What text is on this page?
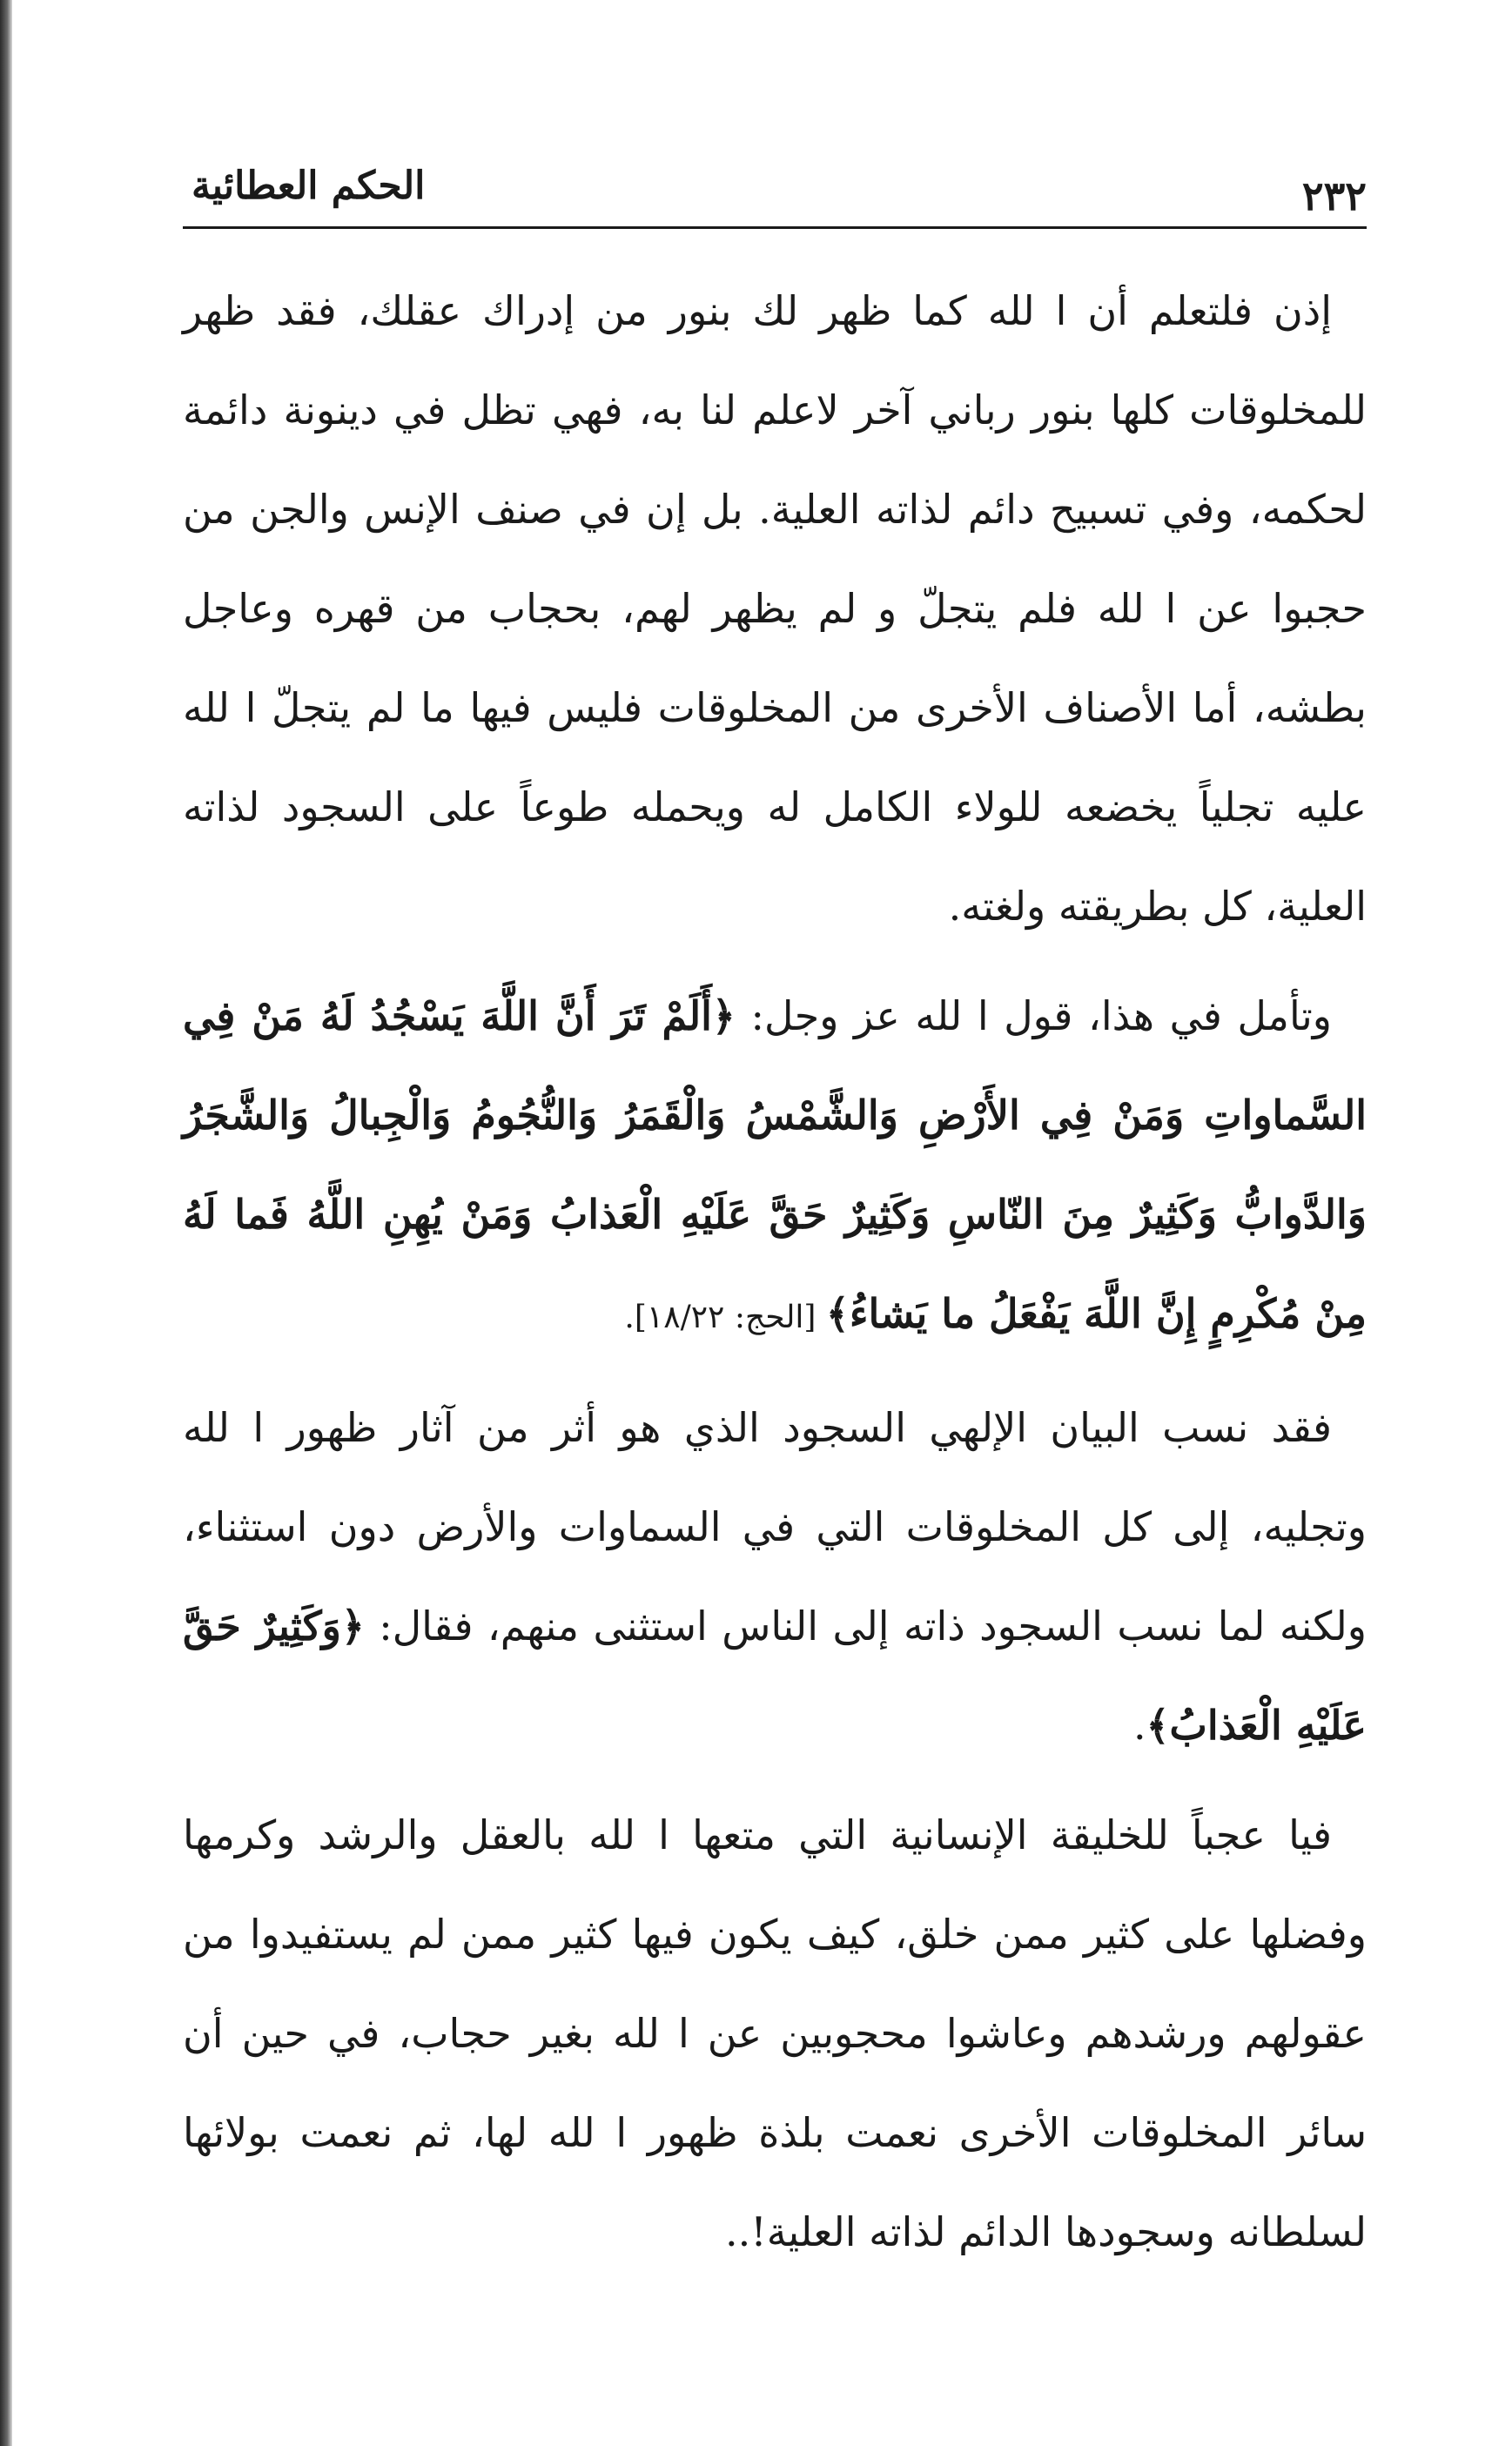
٢٣٢
الحكم العطائية

إذن فلتعلم أن ا لله كما ظهر لك بنور من إدراك عقلك، فقد ظهر للمخلوقات كلها بنور رباني آخر لاعلم لنا به، فهي تظل في دينونة دائمة لحكمه، وفي تسبيح دائم لذاته العلية. بل إن في صنف الإنس والجن من حجبوا عن ا لله فلم يتجلّ و لم يظهر لهم، بحجاب من قهره وعاجل بطشه، أما الأصناف الأخرى من المخلوقات فليس فيها ما لم يتجلّ ا لله عليه تجلياً يخضعه للولاء الكامل له ويحمله طوعاً على السجود لذاته العلية، كل بطريقته ولغته.

وتأمل في هذا، قول ا لله عز وجل: ﴿أَلَمْ تَرَ أَنَّ اللَّهَ يَسْجُدُ لَهُ مَنْ فِي السَّماواتِ وَمَنْ فِي الأَرْضِ وَالشَّمْسُ وَالْقَمَرُ وَالنُّجُومُ وَالْجِبالُ وَالشَّجَرُ وَالدَّوابُّ وَكَثِيرٌ مِنَ النّاسِ وَكَثِيرٌ حَقَّ عَلَيْهِ الْعَذابُ وَمَنْ يُهِنِ اللَّهُ فَما لَهُ مِنْ مُكْرِمٍ إِنَّ اللَّهَ يَفْعَلُ ما يَشاءُ﴾ [الحج: ١٨/٢٢].

فقد نسب البيان الإلهي السجود الذي هو أثر من آثار ظهور ا لله وتجليه، إلى كل المخلوقات التي في السماوات والأرض دون استثناء، ولكنه لما نسب السجود ذاته إلى الناس استثنى منهم، فقال: ﴿وَكَثِيرٌ حَقَّ عَلَيْهِ الْعَذابُ﴾.

فيا عجباً للخليقة الإنسانية التي متعها ا لله بالعقل والرشد وكرمها وفضلها على كثير ممن خلق، كيف يكون فيها كثير ممن لم يستفيدوا من عقولهم ورشدهم وعاشوا محجوبين عن ا لله بغير حجاب، في حين أن سائر المخلوقات الأخرى نعمت بلذة ظهور ا لله لها، ثم نعمت بولائها لسلطانه وسجودها الدائم لذاته العلية!..
